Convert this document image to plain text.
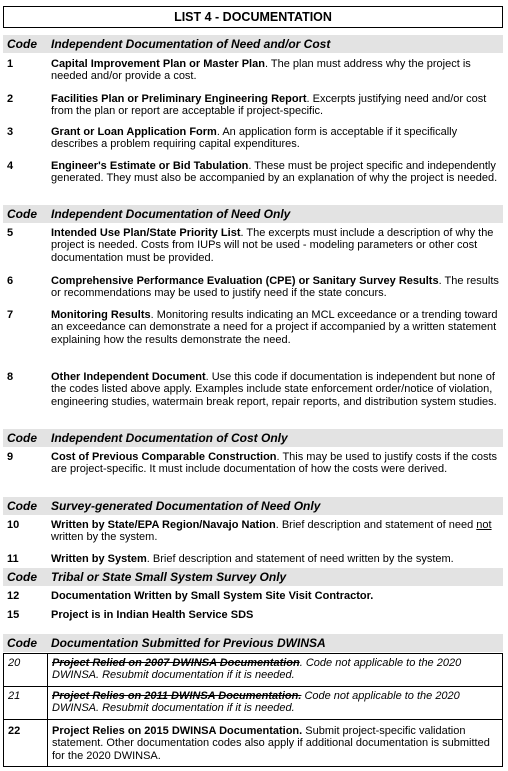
LIST 4 - DOCUMENTATION
Code Independent Documentation of Need and/or Cost
1	Capital Improvement Plan or Master Plan. The plan must address why the project is needed and/or provide a cost.
2	Facilities Plan or Preliminary Engineering Report. Excerpts justifying need and/or cost from the plan or report are acceptable if project-specific.
3	Grant or Loan Application Form. An application form is acceptable if it specifically describes a problem requiring capital expenditures.
4	Engineer's Estimate or Bid Tabulation. These must be project specific and independently generated. They must also be accompanied by an explanation of why the project is needed.
Code Independent Documentation of Need Only
5	Intended Use Plan/State Priority List. The excerpts must include a description of why the project is needed. Costs from IUPs will not be used - modeling parameters or other cost documentation must be provided.
6	Comprehensive Performance Evaluation (CPE) or Sanitary Survey Results. The results or recommendations may be used to justify need if the state concurs.
7	Monitoring Results. Monitoring results indicating an MCL exceedance or a trending toward an exceedance can demonstrate a need for a project if accompanied by a written statement explaining how the results demonstrate the need.
8	Other Independent Document. Use this code if documentation is independent but none of the codes listed above apply. Examples include state enforcement order/notice of violation, engineering studies, watermain break report, repair reports, and distribution system studies.
Code Independent Documentation of Cost Only
9	Cost of Previous Comparable Construction. This may be used to justify costs if the costs are project-specific. It must include documentation of how the costs were derived.
Code Survey-generated Documentation of Need Only
10	Written by State/EPA Region/Navajo Nation. Brief description and statement of need not written by the system.
11	Written by System. Brief description and statement of need written by the system.
Code Tribal or State Small System Survey Only
12	Documentation Written by Small System Site Visit Contractor.
15	Project is in Indian Health Service SDS
Code Documentation Submitted for Previous DWINSA
20	Project Relied on 2007 DWINSA Documentation. Code not applicable to the 2020 DWINSA. Resubmit documentation if it is needed.
21	Project Relies on 2011 DWINSA Documentation. Code not applicable to the 2020 DWINSA. Resubmit documentation if it is needed.
22	Project Relies on 2015 DWINSA Documentation. Submit project-specific validation statement. Other documentation codes also apply if additional documentation is submitted for the 2020 DWINSA.
